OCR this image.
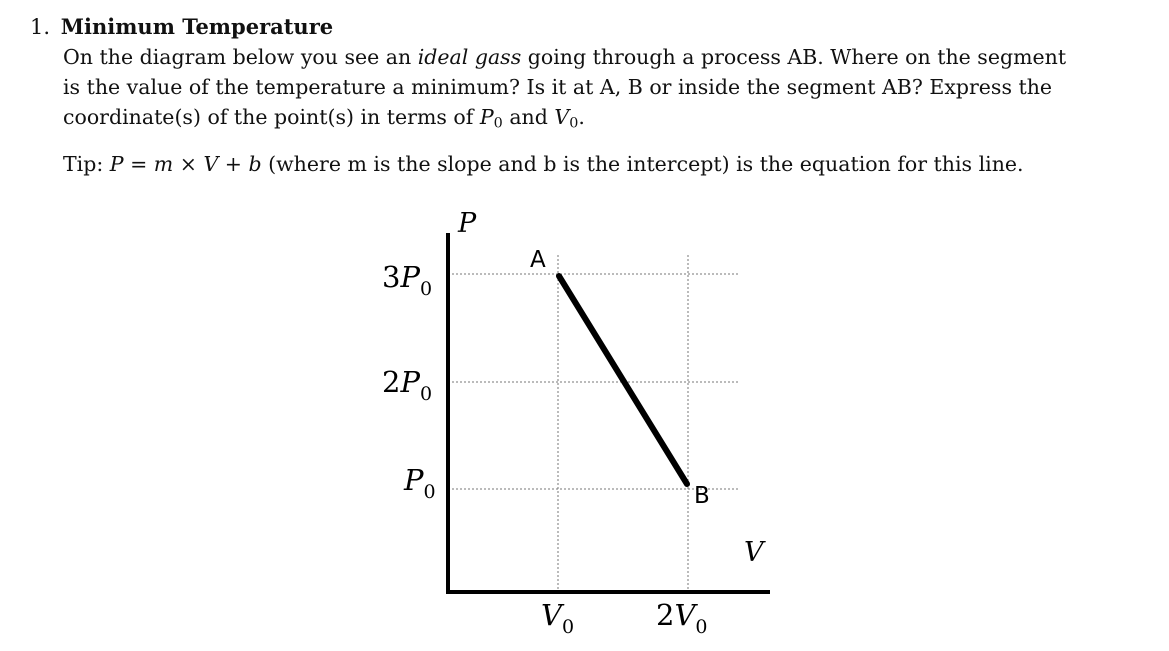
1. Minimum Temperature

On the diagram below you see an ideal gass going through a process AB. Where on the segment
is the value of the temperature a minimum? Is it at A, B or inside the segment AB? Express the
coordinate(s) of the point(s) in terms of $P_0$ and $V_0$.

Tip: P = m × V + b (where m is the slope and b is the intercept) is the equation for this line.

P
V
A
B
$3P_0$
$2P_0$
$P_0$
$V_0$	$2V_0$
